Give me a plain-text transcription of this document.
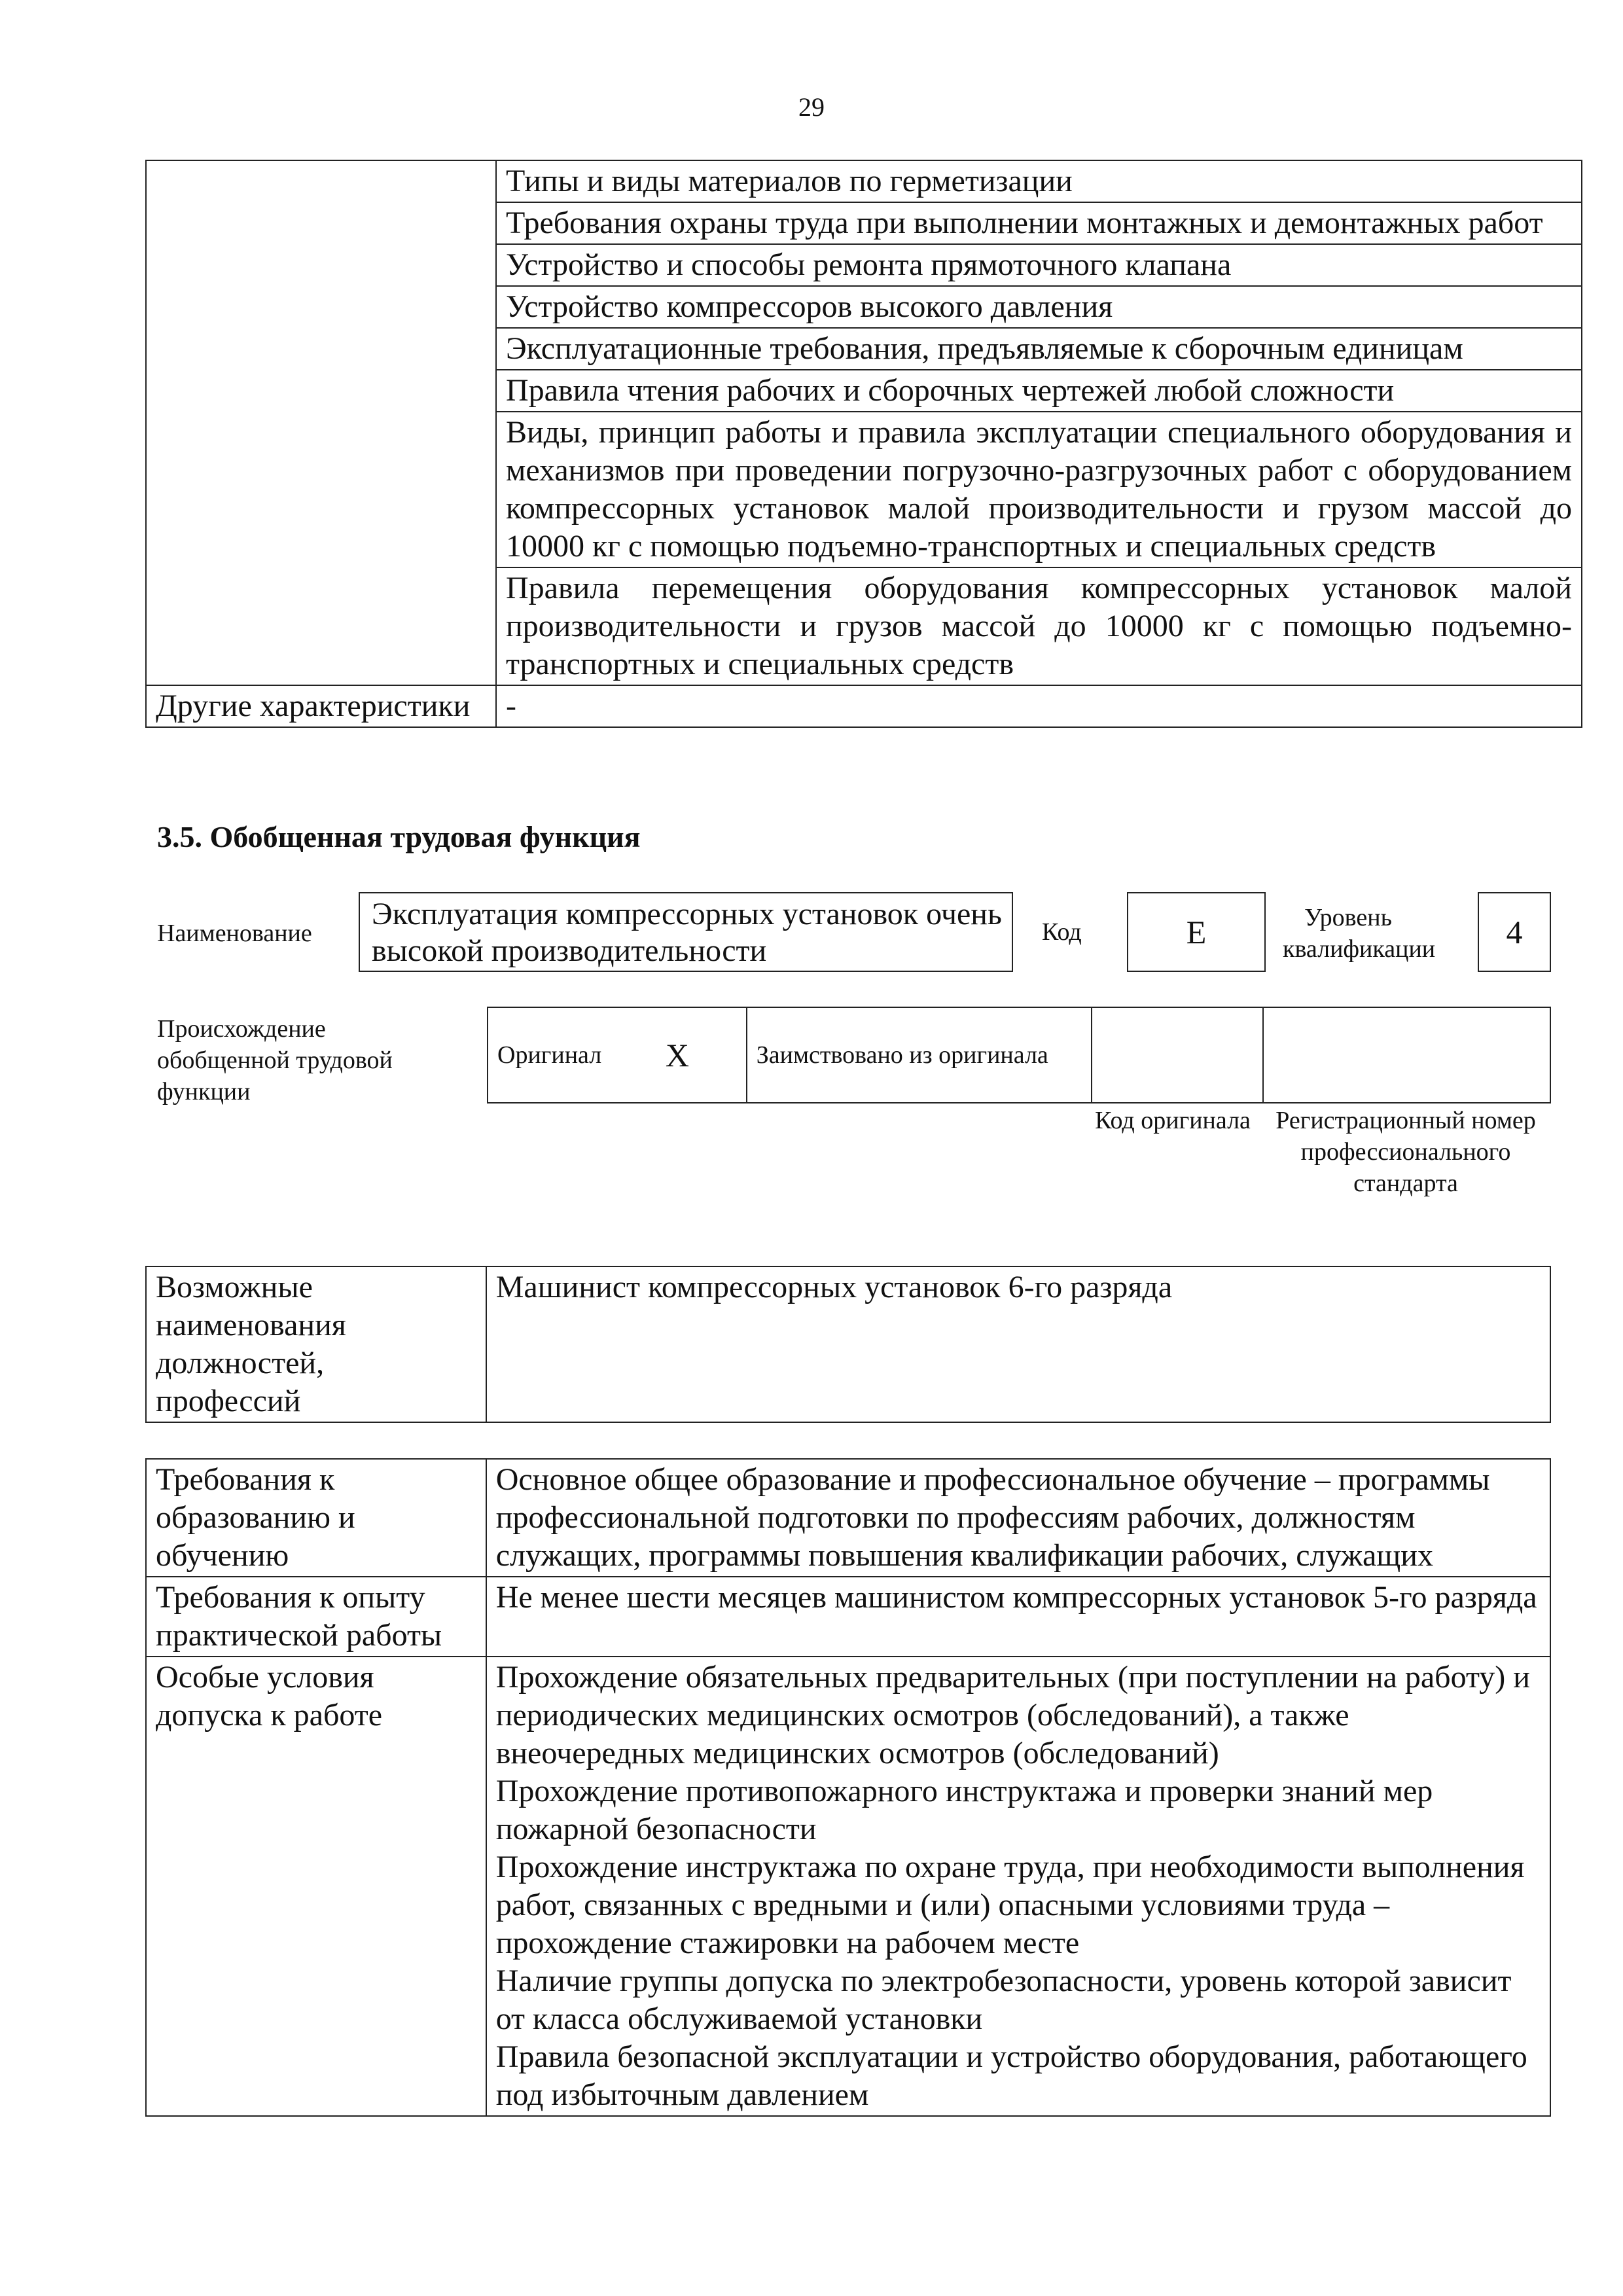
29
	Типы и виды материалов по герметизации
	Требования охраны труда при выполнении монтажных и демонтажных работ
	Устройство и способы ремонта прямоточного клапана
	Устройство компрессоров высокого давления
	Эксплуатационные требования, предъявляемые к сборочным единицам
	Правила чтения рабочих и сборочных чертежей любой сложности
	Виды, принцип работы и правила эксплуатации специального оборудования и механизмов при проведении погрузочно-разгрузочных работ с оборудованием компрессорных установок малой производительности и грузом массой до 10000 кг с помощью подъемно-транспортных и специальных средств
	Правила перемещения оборудования компрессорных установок малой производительности и грузов массой до 10000 кг с помощью подъемно-транспортных и специальных средств
Другие характеристики	-
3.5. Обобщенная трудовая функция
Наименование
Эксплуатация компрессорных установок очень высокой производительности
Код	E	Уровень квалификации	4
Происхождение обобщенной трудовой функции
Оригинал	X	Заимствовано из оригинала		
Код оригинала	Регистрационный номер профессионального стандарта
Возможные наименования должностей, профессий	Машинист компрессорных установок 6-го разряда
Требования к образованию и обучению	Основное общее образование и профессиональное обучение – программы профессиональной подготовки по профессиям рабочих, должностям служащих, программы повышения квалификации рабочих, служащих

Требования к опыту практической работы	Не менее шести месяцев машинистом компрессорных установок 5-го разряда

Особые условия допуска к работе	Прохождение обязательных предварительных (при поступлении на работу) и периодических медицинских осмотров (обследований), а также внеочередных медицинских осмотров (обследований)
Прохождение противопожарного инструктажа и проверки знаний мер пожарной безопасности
Прохождение инструктажа по охране труда, при необходимости выполнения работ, связанных с вредными и (или) опасными условиями труда – прохождение стажировки на рабочем месте
Наличие группы допуска по электробезопасности, уровень которой зависит от класса обслуживаемой установки
Правила безопасной эксплуатации и устройство оборудования, работающего под избыточным давлением
